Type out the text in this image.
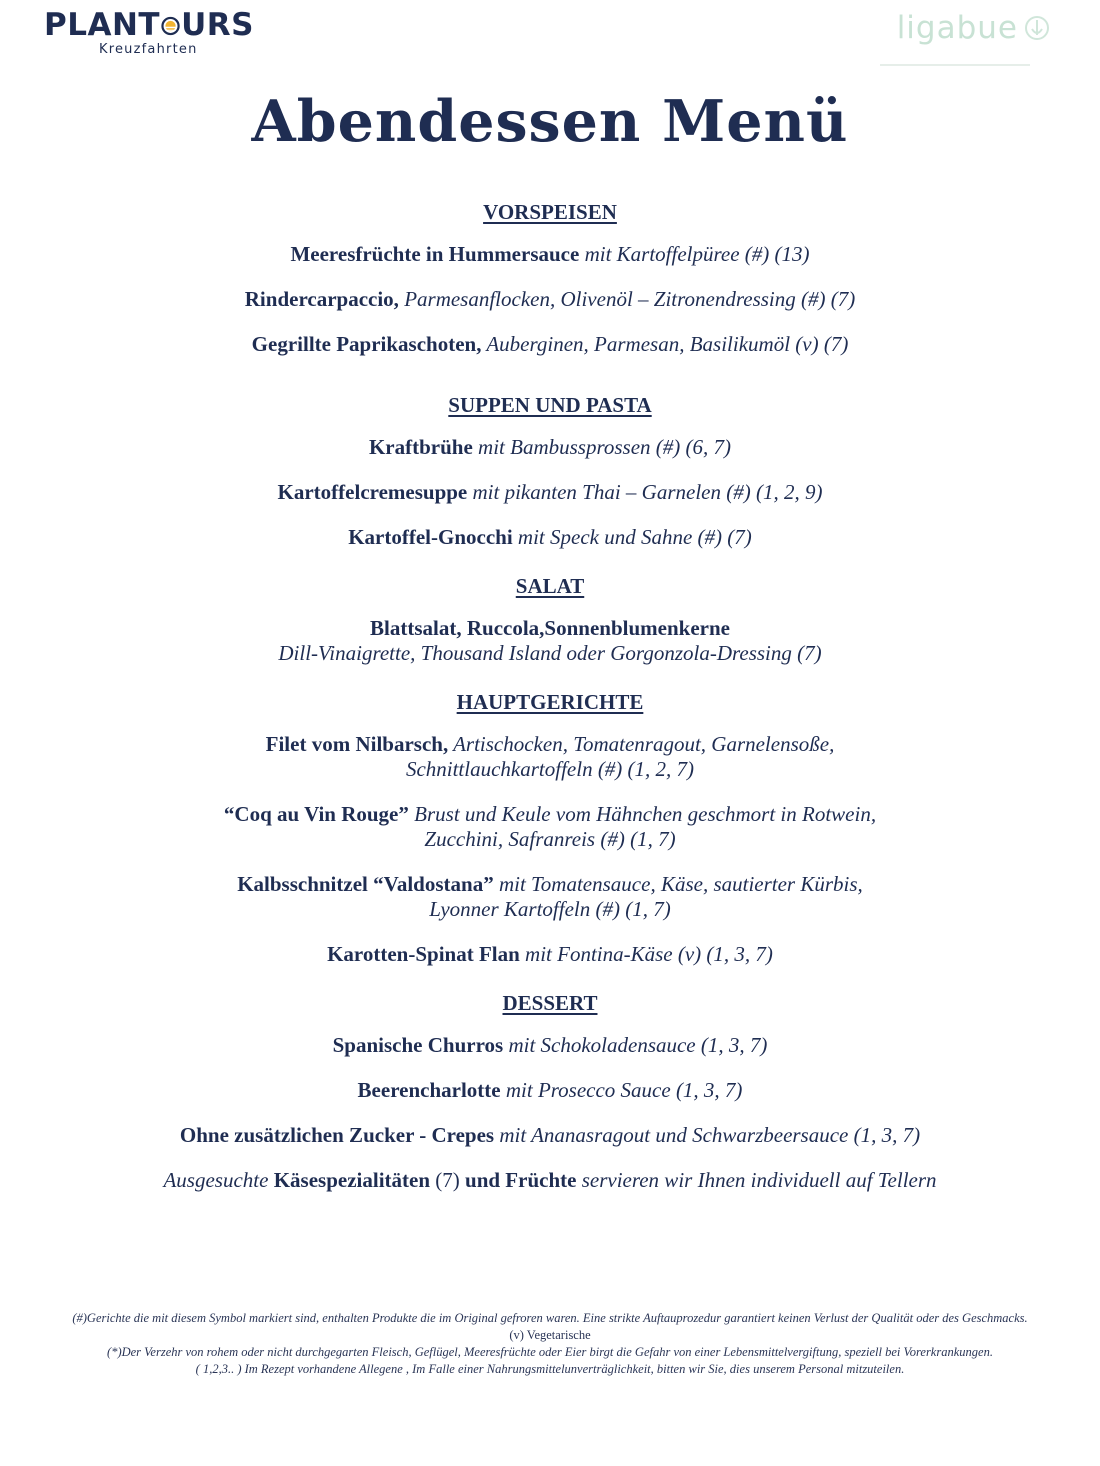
PLANT URS
Kreuzfahrten
ligabue
Abendessen Menü

VORSPEISEN

Meeresfrüchte in Hummersauce mit Kartoffelpüree (#) (13)

Rindercarpaccio, Parmesanflocken, Olivenöl – Zitronendressing (#) (7)

Gegrillte Paprikaschoten, Auberginen, Parmesan, Basilikumöl (v) (7)

SUPPEN UND PASTA

Kraftbrühe mit Bambussprossen (#) (6, 7)

Kartoffelcremesuppe mit pikanten Thai – Garnelen (#) (1, 2, 9)

Kartoffel-Gnocchi mit Speck und Sahne (#) (7)

SALAT

Blattsalat, Ruccola,Sonnenblumenkerne

Dill-Vinaigrette, Thousand Island oder Gorgonzola-Dressing (7)

HAUPTGERICHTE

Filet vom Nilbarsch, Artischocken, Tomatenragout, Garnelensoße,

Schnittlauchkartoffeln (#) (1, 2, 7)

“Coq au Vin Rouge” Brust und Keule vom Hähnchen geschmort in Rotwein,

Zucchini, Safranreis (#) (1, 7)

Kalbsschnitzel “Valdostana” mit Tomatensauce, Käse, sautierter Kürbis,

Lyonner Kartoffeln (#) (1, 7)

Karotten-Spinat Flan mit Fontina-Käse (v) (1, 3, 7)

DESSERT

Spanische Churros mit Schokoladensauce (1, 3, 7)

Beerencharlotte mit Prosecco Sauce (1, 3, 7)

Ohne zusätzlichen Zucker - Crepes mit Ananasragout und Schwarzbeersauce (1, 3, 7)

Ausgesuchte Käsespezialitäten (7) und Früchte servieren wir Ihnen individuell auf Tellern

(#)Gerichte die mit diesem Symbol markiert sind, enthalten Produkte die im Original gefroren waren. Eine strikte Auftauprozedur garantiert keinen Verlust der Qualität oder des Geschmacks.

(v) Vegetarische

(*)Der Verzehr von rohem oder nicht durchgegarten Fleisch, Geflügel, Meeresfrüchte oder Eier birgt die Gefahr von einer Lebensmittelvergiftung, speziell bei Vorerkrankungen.

( 1,2,3.. ) Im Rezept vorhandene Allegene , Im Falle einer Nahrungsmittelunverträglichkeit, bitten wir Sie, dies unserem Personal mitzuteilen.
